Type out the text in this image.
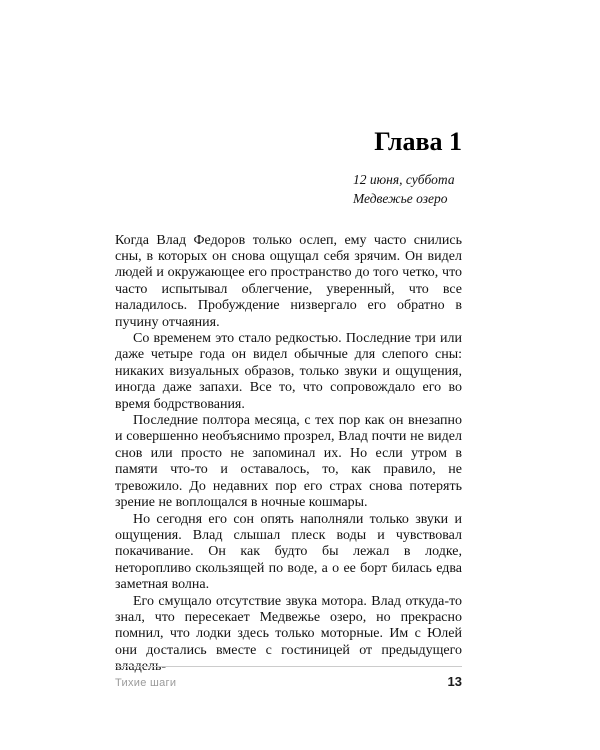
Глава 1
12 июня, суббота
Медвежье озеро

Когда Влад Федоров только ослеп, ему часто снились сны, в которых он снова ощущал себя зрячим. Он видел людей и окружающее его пространство до того четко, что часто испытывал облегчение, уверенный, что все наладилось. Пробуждение низвергало его обратно в пучину отчаяния.

Со временем это стало редкостью. Последние три или даже четыре года он видел обычные для слепого сны: никаких визуальных образов, только звуки и ощущения, иногда даже запахи. Все то, что сопровождало его во время бодрствования.

Последние полтора месяца, с тех пор как он внезапно и совершенно необъяснимо прозрел, Влад почти не видел снов или просто не запоминал их. Но если утром в памяти что-то и оставалось, то, как правило, не тревожило. До недавних пор его страх снова потерять зрение не воплощался в ночные кошмары.

Но сегодня его сон опять наполняли только звуки и ощущения. Влад слышал плеск воды и чувствовал покачивание. Он как будто бы лежал в лодке, неторопливо скользящей по воде, а о ее борт билась едва заметная волна.

Его смущало отсутствие звука мотора. Влад откуда-то знал, что пересекает Медвежье озеро, но прекрасно помнил, что лодки здесь только моторные. Им с Юлей они достались вместе с гостиницей от предыдущего владель-

Тихие шаги	13
